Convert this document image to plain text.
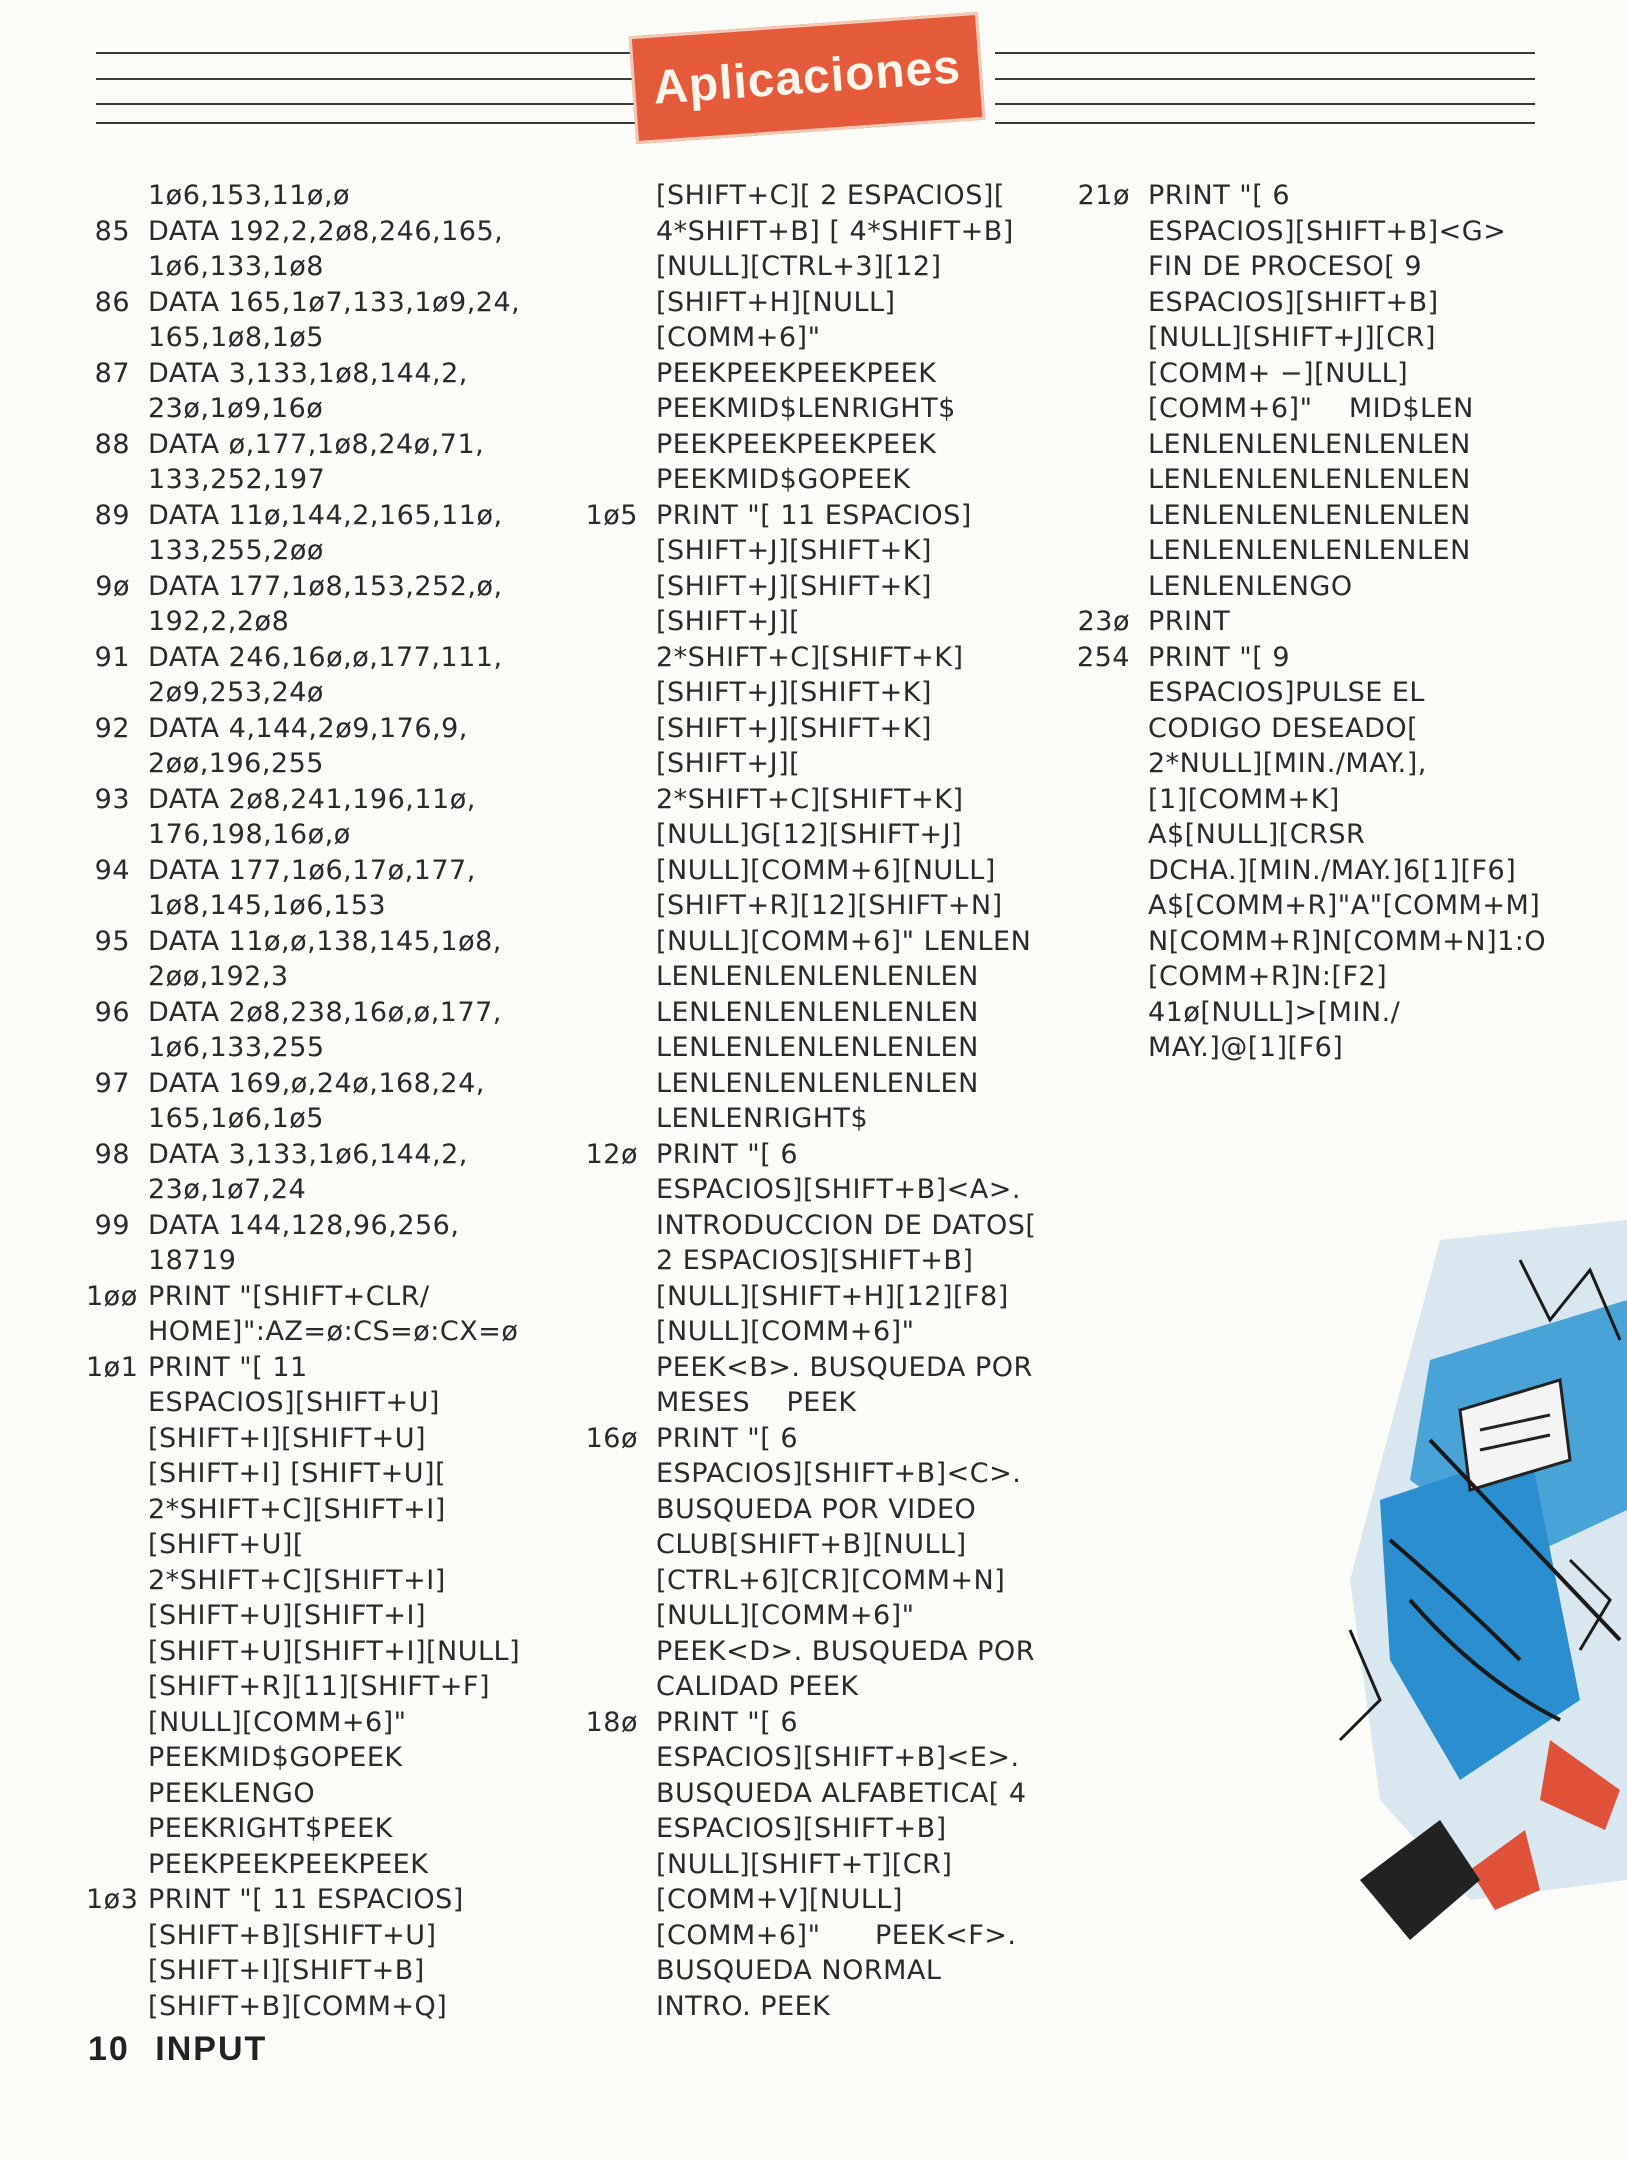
Aplicaciones
1ø6,153,11ø,ø
85 DATA 192,2,2ø8,246,165,
1ø6,133,1ø8
86 DATA 165,1ø7,133,1ø9,24,
165,1ø8,1ø5
87 DATA 3,133,1ø8,144,2,
23ø,1ø9,16ø
88 DATA ø,177,1ø8,24ø,71,
133,252,197
89 DATA 11ø,144,2,165,11ø,
133,255,2øø
9ø DATA 177,1ø8,153,252,ø,
192,2,2ø8
91 DATA 246,16ø,ø,177,111,
2ø9,253,24ø
92 DATA 4,144,2ø9,176,9,
2øø,196,255
93 DATA 2ø8,241,196,11ø,
176,198,16ø,ø
94 DATA 177,1ø6,17ø,177,
1ø8,145,1ø6,153
95 DATA 11ø,ø,138,145,1ø8,
2øø,192,3
96 DATA 2ø8,238,16ø,ø,177,
1ø6,133,255
97 DATA 169,ø,24ø,168,24,
165,1ø6,1ø5
98 DATA 3,133,1ø6,144,2,
23ø,1ø7,24
99 DATA 144,128,96,256,
18719
1øø PRINT "[SHIFT+CLR/
HOME]":AZ=ø:CS=ø:CX=ø
1ø1 PRINT "[ 11
ESPACIOS][SHIFT+U]
[SHIFT+I][SHIFT+U]
[SHIFT+I] [SHIFT+U][
2*SHIFT+C][SHIFT+I]
[SHIFT+U][
2*SHIFT+C][SHIFT+I]
[SHIFT+U][SHIFT+I]
[SHIFT+U][SHIFT+I][NULL]
[SHIFT+R][11][SHIFT+F]
[NULL][COMM+6]"
PEEKMID$GOPEEK
PEEKLENGO
PEEKRIGHT$PEEK
PEEKPEEKPEEKPEEK
1ø3 PRINT "[ 11 ESPACIOS]
[SHIFT+B][SHIFT+U]
[SHIFT+I][SHIFT+B]
[SHIFT+B][COMM+Q]
[SHIFT+C][ 2 ESPACIOS][
4*SHIFT+B] [ 4*SHIFT+B]
[NULL][CTRL+3][12]
[SHIFT+H][NULL]
[COMM+6]"
PEEKPEEKPEEKPEEK
PEEKMID$LENRIGHT$
PEEKPEEKPEEKPEEK
PEEKMID$GOPEEK
1ø5 PRINT "[ 11 ESPACIOS]
[SHIFT+J][SHIFT+K]
[SHIFT+J][SHIFT+K]
[SHIFT+J][
2*SHIFT+C][SHIFT+K]
[SHIFT+J][SHIFT+K]
[SHIFT+J][SHIFT+K]
[SHIFT+J][
2*SHIFT+C][SHIFT+K]
[NULL]G[12][SHIFT+J]
[NULL][COMM+6][NULL]
[SHIFT+R][12][SHIFT+N]
[NULL][COMM+6]" LENLEN
LENLENLENLENLENLEN
LENLENLENLENLENLEN
LENLENLENLENLENLEN
LENLENLENLENLENLEN
LENLENRIGHT$
12ø PRINT "[ 6
ESPACIOS][SHIFT+B]<A>.
INTRODUCCION DE DATOS[
2 ESPACIOS][SHIFT+B]
[NULL][SHIFT+H][12][F8]
[NULL][COMM+6]"
PEEK<B>. BUSQUEDA POR
MESES    PEEK
16ø PRINT "[ 6
ESPACIOS][SHIFT+B]<C>.
BUSQUEDA POR VIDEO
CLUB[SHIFT+B][NULL]
[CTRL+6][CR][COMM+N]
[NULL][COMM+6]"
PEEK<D>. BUSQUEDA POR
CALIDAD PEEK
18ø PRINT "[ 6
ESPACIOS][SHIFT+B]<E>.
BUSQUEDA ALFABETICA[ 4
ESPACIOS][SHIFT+B]
[NULL][SHIFT+T][CR]
[COMM+V][NULL]
[COMM+6]"      PEEK<F>.
BUSQUEDA NORMAL
INTRO. PEEK
21ø PRINT "[ 6
ESPACIOS][SHIFT+B]<G>
FIN DE PROCESO[ 9
ESPACIOS][SHIFT+B]
[NULL][SHIFT+J][CR]
[COMM+ −][NULL]
[COMM+6]"    MID$LEN
LENLENLENLENLENLEN
LENLENLENLENLENLEN
LENLENLENLENLENLEN
LENLENLENLENLENLEN
LENLENLENGO
23ø PRINT
254 PRINT "[ 9
ESPACIOS]PULSE EL
CODIGO DESEADO[
2*NULL][MIN./MAY.],
[1][COMM+K]
A$[NULL][CRSR
DCHA.][MIN./MAY.]6[1][F6]
A$[COMM+R]"A"[COMM+M]
N[COMM+R]N[COMM+N]1:O
[COMM+R]N:[F2]
41ø[NULL]>[MIN./
MAY.]@[1][F6]
10 INPUT
